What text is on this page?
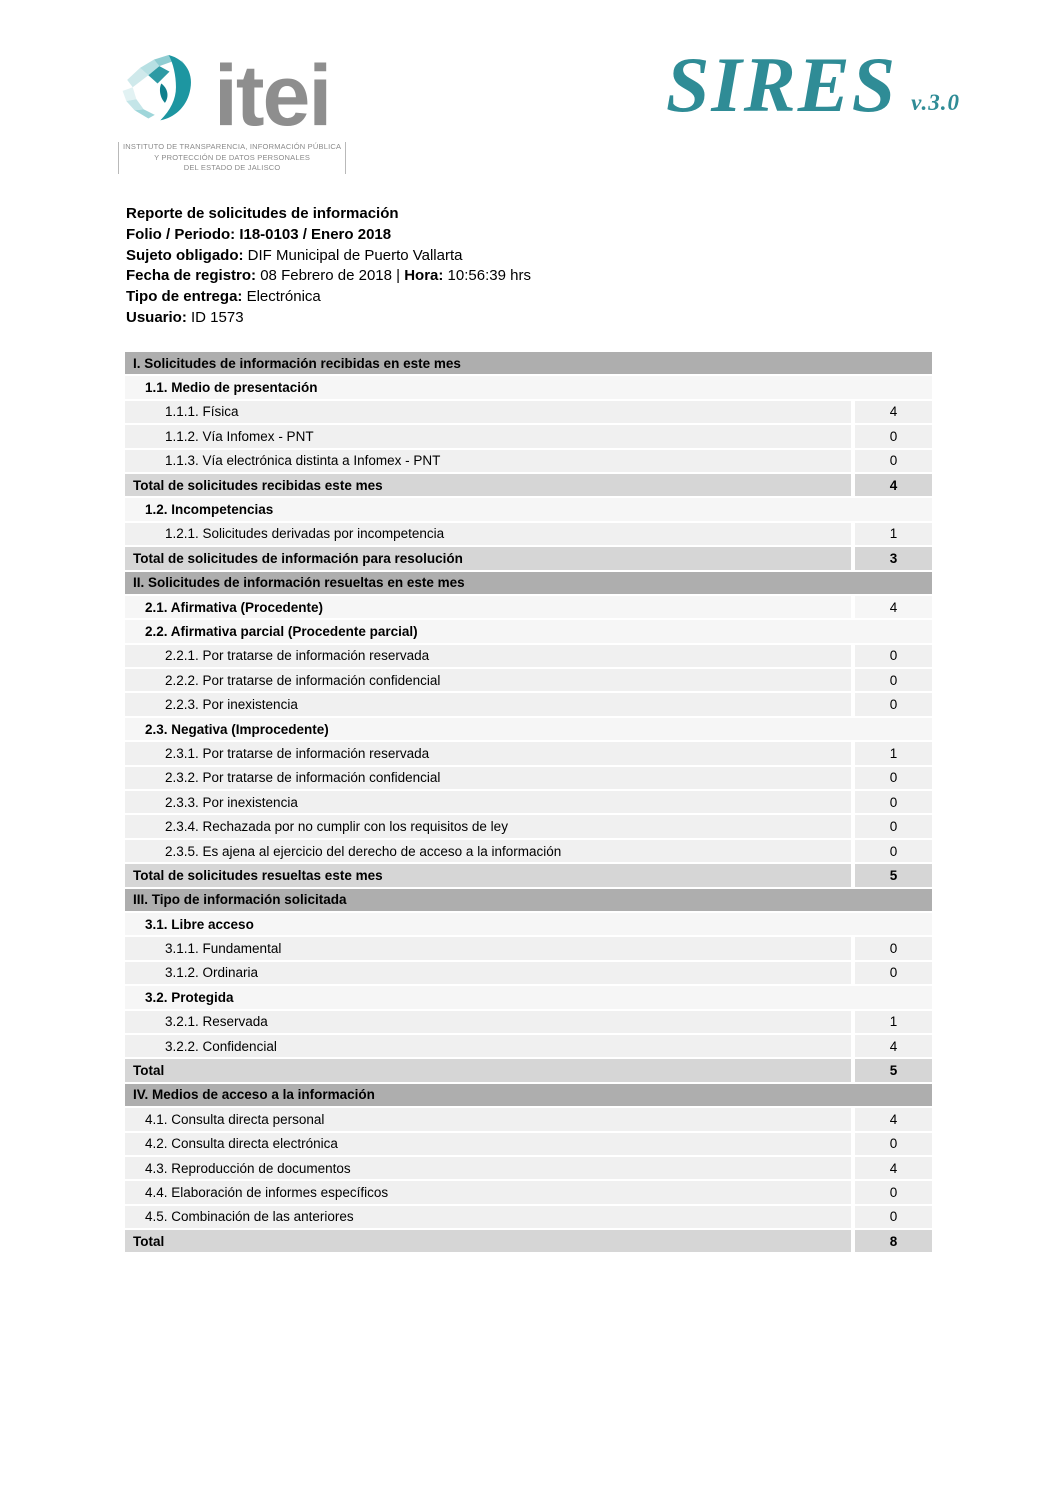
itei
INSTITUTO DE TRANSPARENCIA, INFORMACIÓN PÚBLICA
Y PROTECCIÓN DE DATOS PERSONALES
DEL ESTADO DE JALISCO
SIRES v.3.0
Reporte de solicitudes de información
Folio / Periodo: I18-0103 / Enero 2018
Sujeto obligado: DIF Municipal de Puerto Vallarta
Fecha de registro: 08 Febrero de 2018 | Hora: 10:56:39 hrs
Tipo de entrega: Electrónica
Usuario: ID 1573
I. Solicitudes de información recibidas en este mes
1.1. Medio de presentación
1.1.1. Física	4
1.1.2. Vía Infomex - PNT	0
1.1.3. Vía electrónica distinta a Infomex - PNT	0
Total de solicitudes recibidas este mes	4
1.2. Incompetencias
1.2.1. Solicitudes derivadas por incompetencia	1
Total de solicitudes de información para resolución	3
II. Solicitudes de información resueltas en este mes
2.1. Afirmativa (Procedente)	4
2.2. Afirmativa parcial (Procedente parcial)
2.2.1. Por tratarse de información reservada	0
2.2.2. Por tratarse de información confidencial	0
2.2.3. Por inexistencia	0
2.3. Negativa (Improcedente)
2.3.1. Por tratarse de información reservada	1
2.3.2. Por tratarse de información confidencial	0
2.3.3. Por inexistencia	0
2.3.4. Rechazada por no cumplir con los requisitos de ley	0
2.3.5. Es ajena al ejercicio del derecho de acceso a la información	0
Total de solicitudes resueltas este mes	5
III. Tipo de información solicitada
3.1. Libre acceso
3.1.1. Fundamental	0
3.1.2. Ordinaria	0
3.2. Protegida
3.2.1. Reservada	1
3.2.2. Confidencial	4
Total	5
IV. Medios de acceso a la información
4.1. Consulta directa personal	4
4.2. Consulta directa electrónica	0
4.3. Reproducción de documentos	4
4.4. Elaboración de informes específicos	0
4.5. Combinación de las anteriores	0
Total	8
